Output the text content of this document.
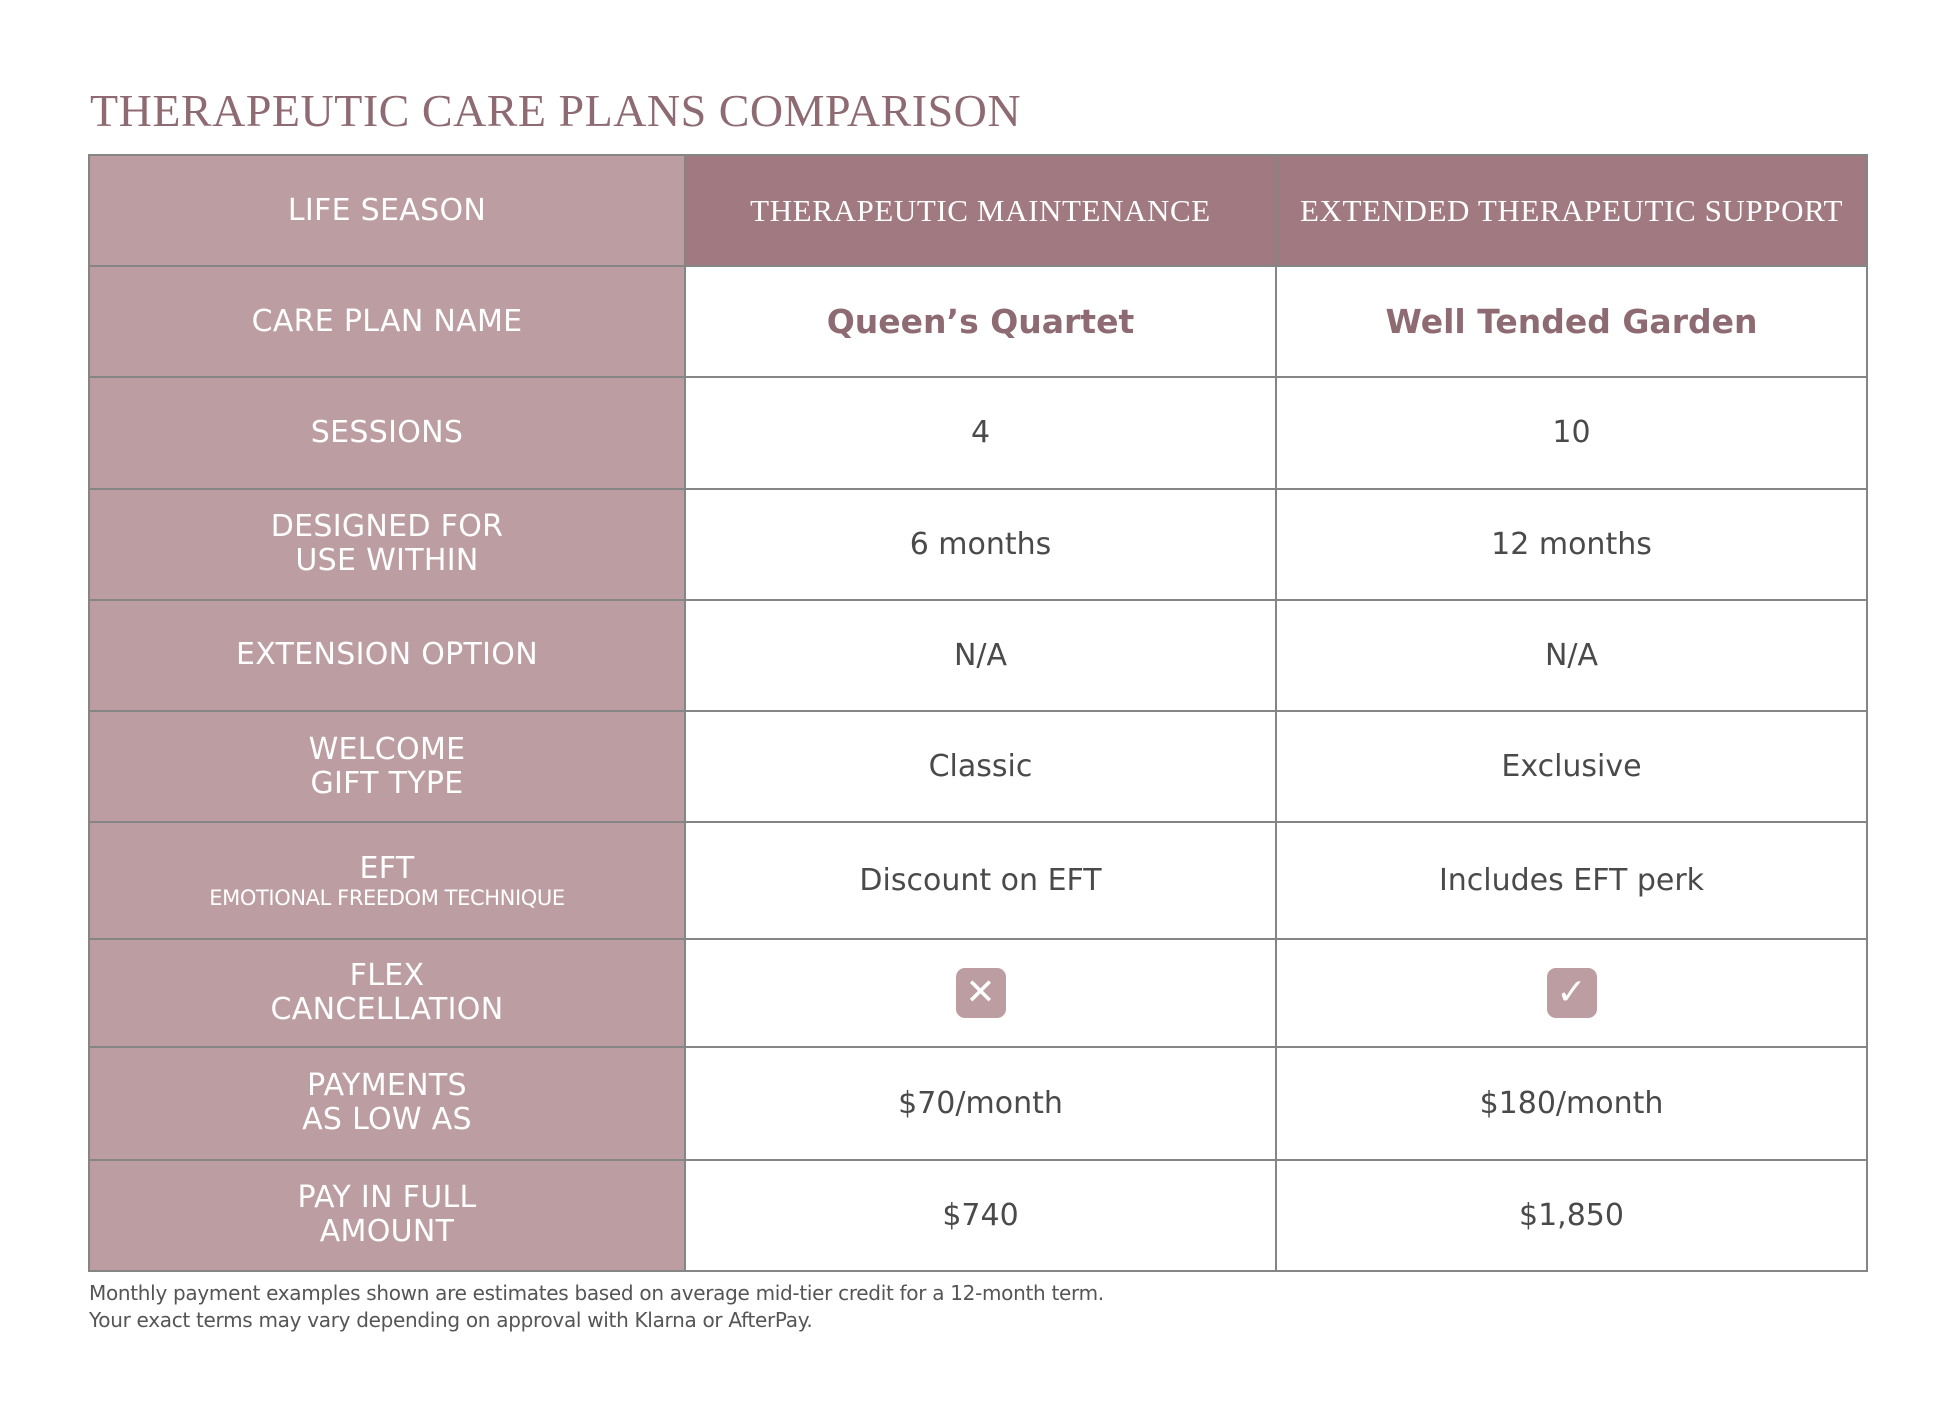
THERAPEUTIC CARE PLANS COMPARISON
LIFE SEASON	THERAPEUTIC MAINTENANCE	EXTENDED THERAPEUTIC SUPPORT
CARE PLAN NAME	Queen’s Quartet	Well Tended Garden
SESSIONS	4	10

DESIGNED FOR
USE WITHIN	6 months	12 months
EXTENSION OPTION	N/A	N/A

WELCOME
GIFT TYPE	Classic	Exclusive

EFT
EMOTIONAL FREEDOM TECHNIQUE	Discount on EFT	Includes EFT perk

FLEX
CANCELLATION	✕	✓

PAYMENTS
AS LOW AS	$70/month	$180/month

PAY IN FULL
AMOUNT	$740	$1,850

Monthly payment examples shown are estimates based on average mid-tier credit for a 12-month term.
Your exact terms may vary depending on approval with Klarna or AfterPay.
